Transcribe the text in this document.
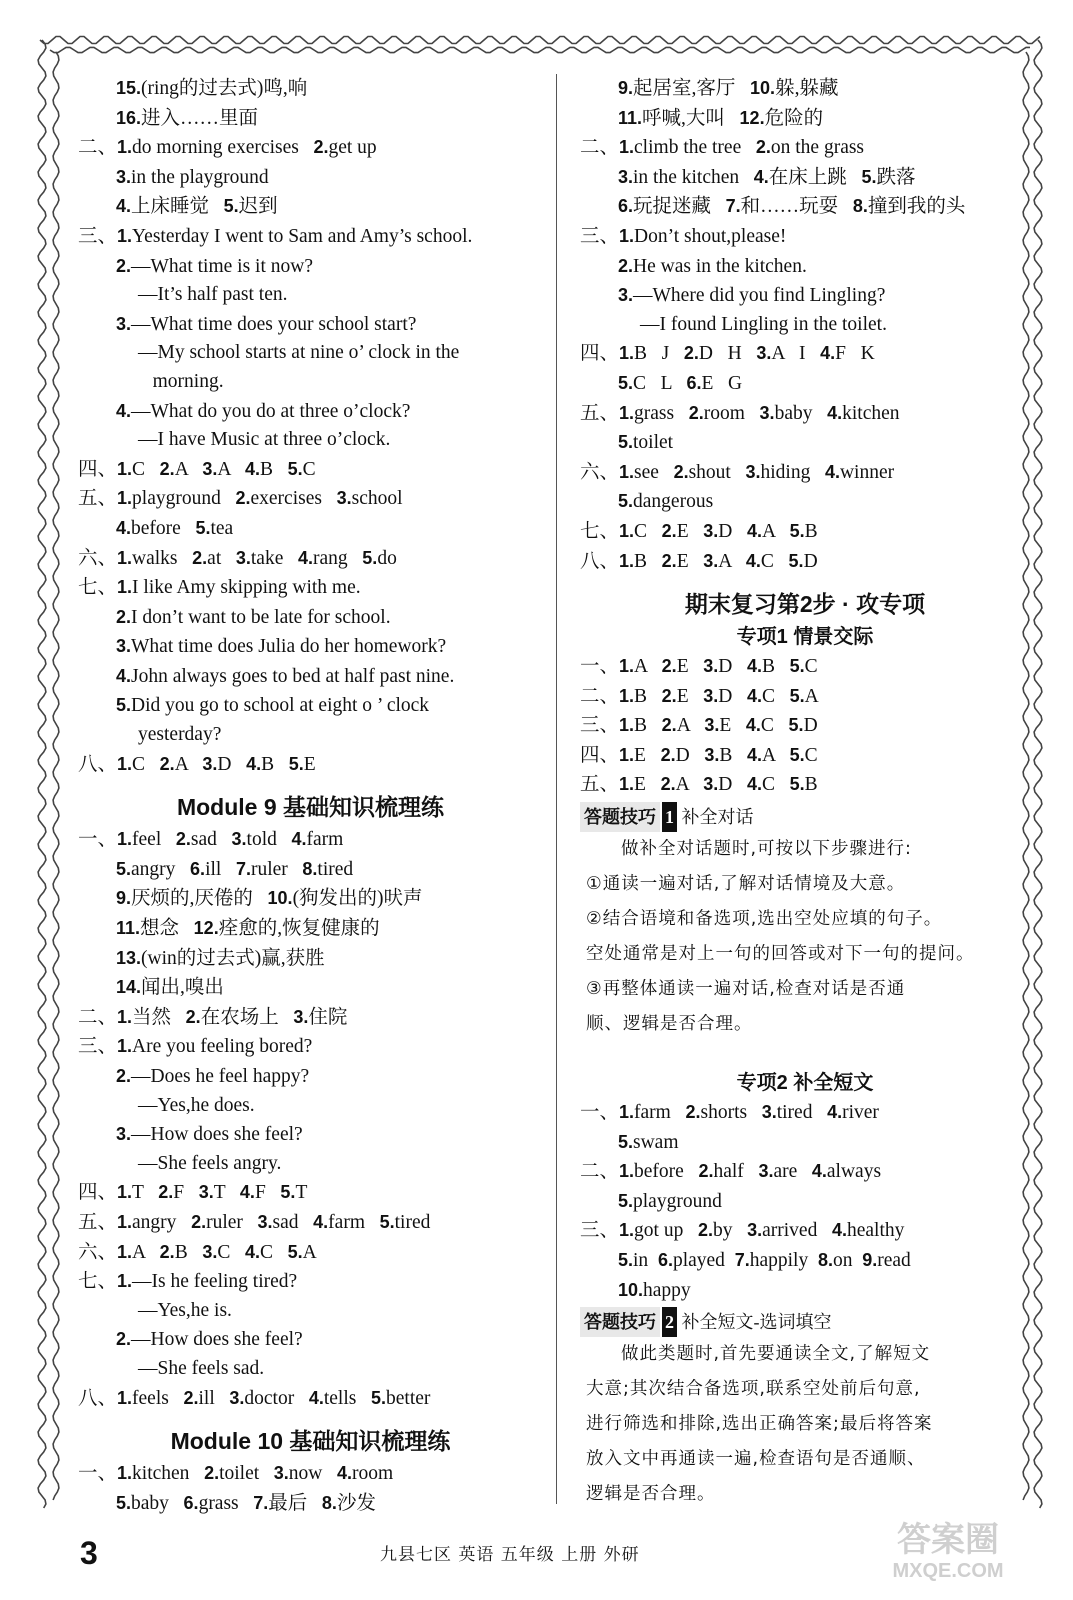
15.(ring的过去式)鸣,响
16.进入……里面
二、1.do morning exercises   2.get up
3.in the playground
4.上床睡觉   5.迟到
三、1.Yesterday I went to Sam and Amy’s school.
2.—What time is it now?
—It’s half past ten.
3.—What time does your school start?
—My school starts at nine o’ clock in the
morning.
4.—What do you do at three o’clock?
—I have Music at three o’clock.
四、1.C   2.A   3.A   4.B   5.C
五、1.playground   2.exercises   3.school
4.before   5.tea
六、1.walks   2.at   3.take   4.rang   5.do
七、1.I like Amy skipping with me.
2.I don’t want to be late for school.
3.What time does Julia do her homework?
4.John always goes to bed at half past nine.
5.Did you go to school at eight o ’ clock
yesterday?
八、1.C   2.A   3.D   4.B   5.E
Module 9 基础知识梳理练
一、1.feel   2.sad   3.told   4.farm
5.angry   6.ill   7.ruler   8.tired
9.厌烦的,厌倦的   10.(狗发出的)吠声
11.想念   12.痊愈的,恢复健康的
13.(win的过去式)赢,获胜
14.闻出,嗅出
二、1.当然   2.在农场上   3.住院
三、1.Are you feeling bored?
2.—Does he feel happy?
—Yes,he does.
3.—How does she feel?
—She feels angry.
四、1.T   2.F   3.T   4.F   5.T
五、1.angry   2.ruler   3.sad   4.farm   5.tired
六、1.A   2.B   3.C   4.C   5.A
七、1.—Is he feeling tired?
—Yes,he is.
2.—How does she feel?
—She feels sad.
八、1.feels   2.ill   3.doctor   4.tells   5.better
Module 10 基础知识梳理练
一、1.kitchen   2.toilet   3.now   4.room
5.baby   6.grass   7.最后   8.沙发
9.起居室,客厅   10.躲,躲藏
11.呼喊,大叫   12.危险的
二、1.climb the tree   2.on the grass
3.in the kitchen   4.在床上跳   5.跌落
6.玩捉迷藏   7.和……玩耍   8.撞到我的头
三、1.Don’t shout,please!
2.He was in the kitchen.
3.—Where did you find Lingling?
—I found Lingling in the toilet.
四、1.B   J   2.D   H   3.A   I   4.F   K
5.C   L   6.E   G
五、1.grass   2.room   3.baby   4.kitchen
5.toilet
六、1.see   2.shout   3.hiding   4.winner
5.dangerous
七、1.C   2.E   3.D   4.A   5.B
八、1.B   2.E   3.A   4.C   5.D
期末复习第2步 · 攻专项
专项1 情景交际
一、1.A   2.E   3.D   4.B   5.C
二、1.B   2.E   3.D   4.C   5.A
三、1.B   2.A   3.E   4.C   5.D
四、1.E   2.D   3.B   4.A   5.C
五、1.E   2.A   3.D   4.C   5.B
答题技巧 1 补全对话
做补全对话题时,可按以下步骤进行:
①通读一遍对话,了解对话情境及大意。
②结合语境和备选项,选出空处应填的句子。
空处通常是对上一句的回答或对下一句的提问。
③再整体通读一遍对话,检查对话是否通
顺、逻辑是否合理。
专项2 补全短文
一、1.farm   2.shorts   3.tired   4.river
5.swam
二、1.before   2.half   3.are   4.always
5.playground
三、1.got up   2.by   3.arrived   4.healthy
5.in  6.played  7.happily  8.on  9.read
10.happy
答题技巧 2 补全短文-选词填空
做此类题时,首先要通读全文,了解短文
大意;其次结合备选项,联系空处前后句意,
进行筛选和排除,选出正确答案;最后将答案
放入文中再通读一遍,检查语句是否通顺、
逻辑是否合理。
3	九县七区 英语 五年级 上册 外研	答案圈
MXQE.COM
